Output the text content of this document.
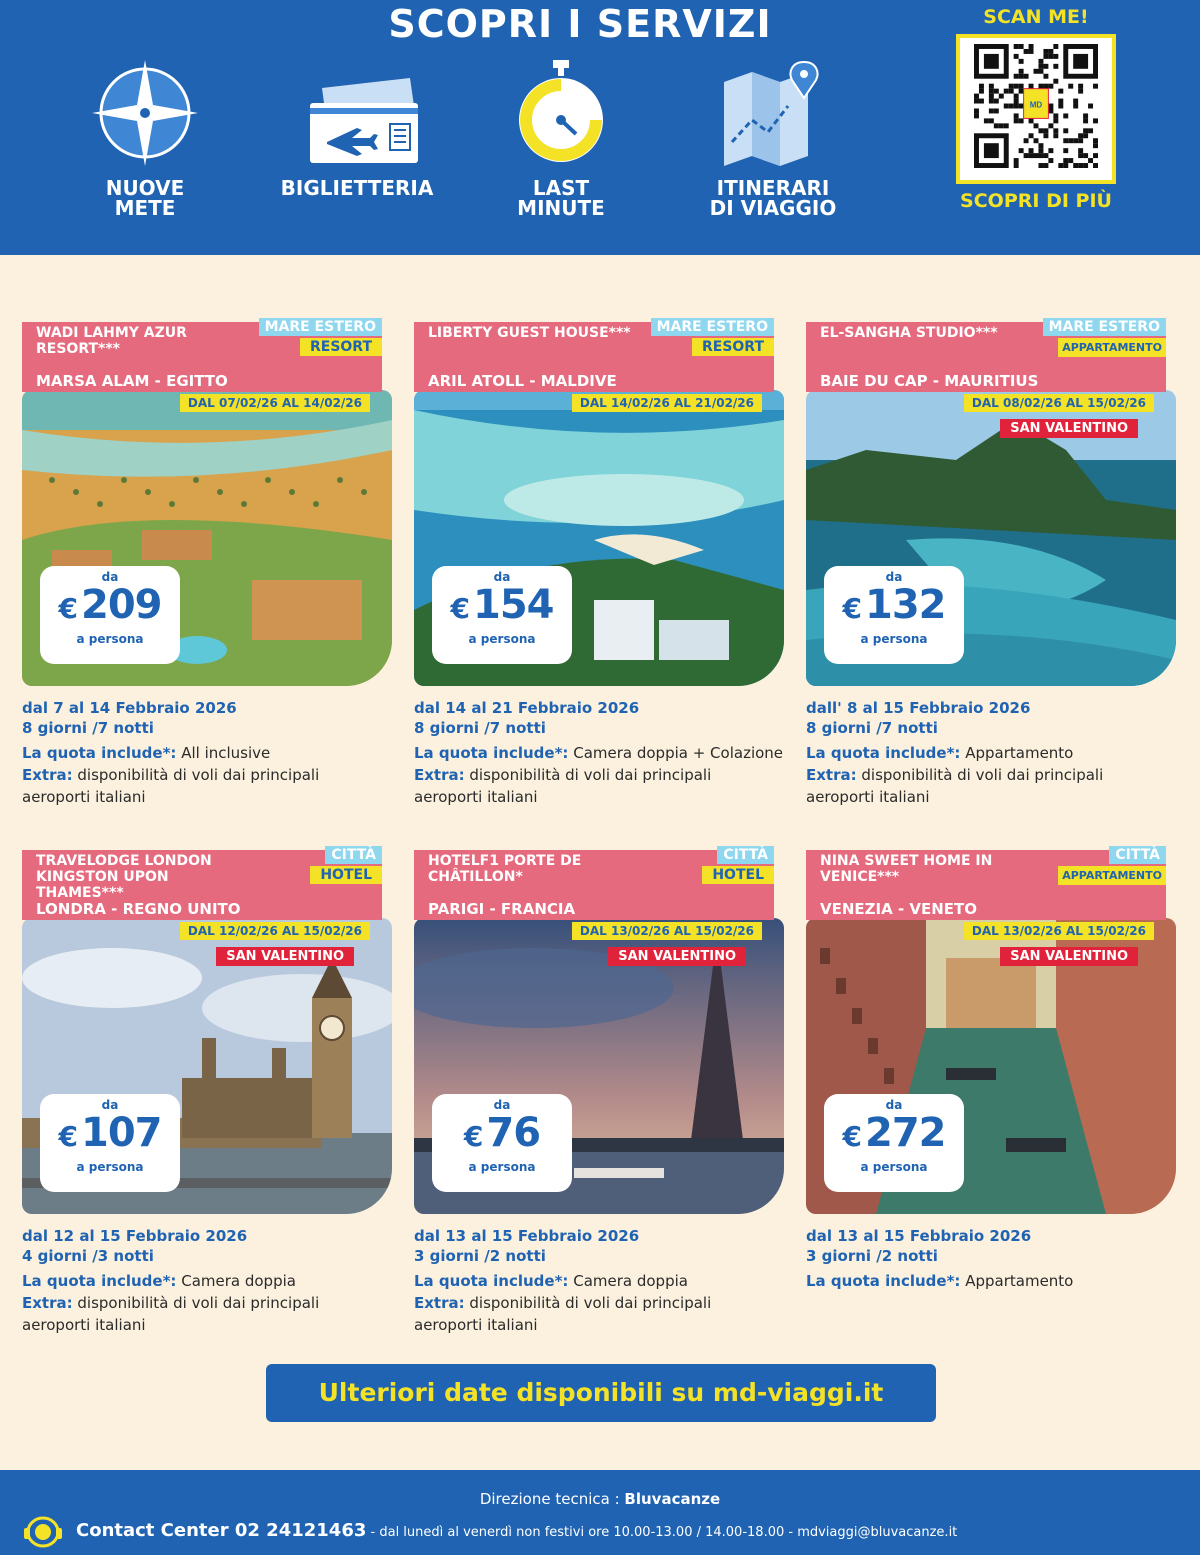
SCOPRI I SERVIZI
NUOVE
METE
BIGLIETTERIA	LAST
MINUTE
ITINERARI
DI VIAGGIO
SCAN ME!
MD
SCOPRI DI PIÙ
WADI LAHMY AZUR RESORT***
MARSA ALAM - EGITTO
MARE ESTERO
RESORT
DAL 07/02/26 AL 14/02/26
da
€ 209
a persona
dal 7 al 14 Febbraio 2026
8 giorni /7 notti
La quota include*: All inclusive
Extra: disponibilità di voli dai principali aeroporti italiani
LIBERTY GUEST HOUSE***
ARIL ATOLL - MALDIVE
MARE ESTERO
RESORT
DAL 14/02/26 AL 21/02/26
da
€ 154
a persona
dal 14 al 21 Febbraio 2026
8 giorni /7 notti
La quota include*: Camera doppia + Colazione
Extra: disponibilità di voli dai principali aeroporti italiani
EL-SANGHA STUDIO***
BAIE DU CAP - MAURITIUS
MARE ESTERO
APPARTAMENTO
DAL 08/02/26 AL 15/02/26
SAN VALENTINO
da
€ 132
a persona
dall' 8 al 15 Febbraio 2026
8 giorni /7 notti
La quota include*: Appartamento
Extra: disponibilità di voli dai principali aeroporti italiani
TRAVELODGE LONDON KINGSTON UPON THAMES***
LONDRA - REGNO UNITO
CITTÀ
HOTEL
DAL 12/02/26 AL 15/02/26
SAN VALENTINO
da
€ 107
a persona
dal 12 al 15 Febbraio 2026
4 giorni /3 notti
La quota include*: Camera doppia
Extra: disponibilità di voli dai principali aeroporti italiani
HOTELF1 PORTE DE CHÂTILLON*
PARIGI - FRANCIA
CITTÀ
HOTEL
DAL 13/02/26 AL 15/02/26
SAN VALENTINO
da
€ 76
a persona
dal 13 al 15 Febbraio 2026
3 giorni /2 notti
La quota include*: Camera doppia
Extra: disponibilità di voli dai principali aeroporti italiani
NINA SWEET HOME IN VENICE***
VENEZIA - VENETO
CITTÀ
APPARTAMENTO
DAL 13/02/26 AL 15/02/26
SAN VALENTINO
da
€ 272
a persona
dal 13 al 15 Febbraio 2026
3 giorni /2 notti
La quota include*: Appartamento
Ulteriori date disponibili su md-viaggi.it
Direzione tecnica : Bluvacanze
Contact Center 02 24121463 - dal lunedì al venerdì non festivi ore 10.00-13.00 / 14.00-18.00 - mdviaggi@bluvacanze.it
